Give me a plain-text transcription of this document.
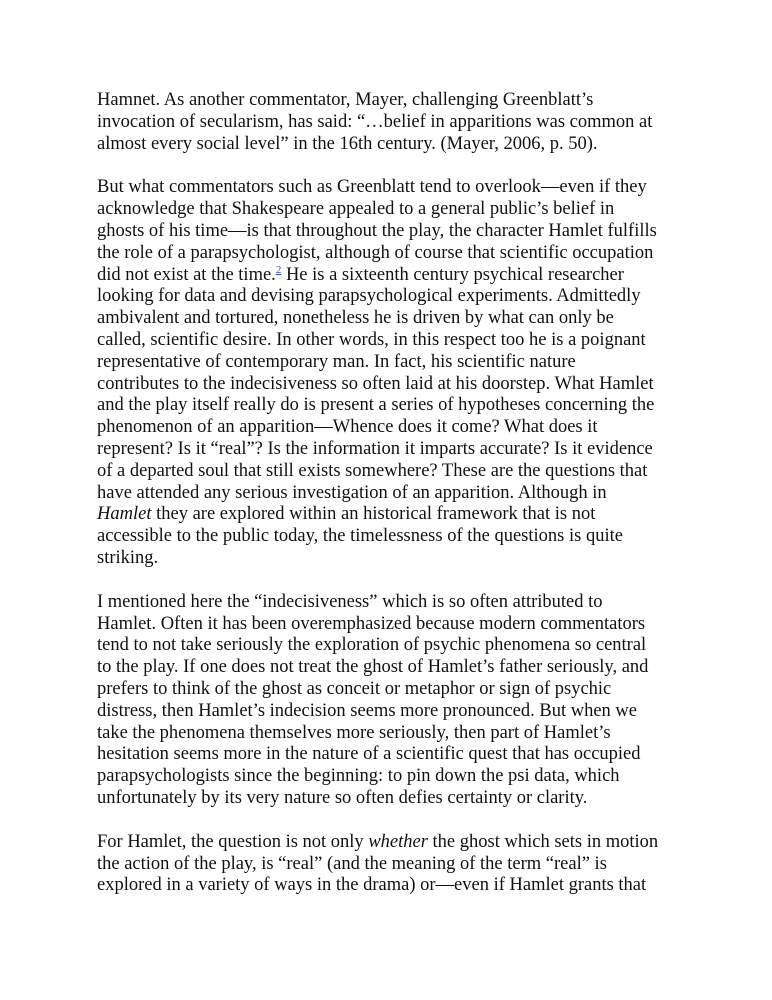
Hamnet. As another commentator, Mayer, challenging Greenblatt’s
invocation of secularism, has said: “…belief in apparitions was common at
almost every social level” in the 16th century. (Mayer, 2006, p. 50).

But what commentators such as Greenblatt tend to overlook—even if they
acknowledge that Shakespeare appealed to a general public’s belief in
ghosts of his time—is that throughout the play, the character Hamlet fulfills
the role of a parapsychologist, although of course that scientific occupation
did not exist at the time.$^2$ He is a sixteenth century psychical researcher
looking for data and devising parapsychological experiments. Admittedly
ambivalent and tortured, nonetheless he is driven by what can only be
called, scientific desire. In other words, in this respect too he is a poignant
representative of contemporary man. In fact, his scientific nature
contributes to the indecisiveness so often laid at his doorstep. What Hamlet
and the play itself really do is present a series of hypotheses concerning the
phenomenon of an apparition—Whence does it come? What does it
represent? Is it “real”? Is the information it imparts accurate? Is it evidence
of a departed soul that still exists somewhere? These are the questions that
have attended any serious investigation of an apparition. Although in
Hamlet they are explored within an historical framework that is not
accessible to the public today, the timelessness of the questions is quite
striking.

I mentioned here the “indecisiveness” which is so often attributed to
Hamlet. Often it has been overemphasized because modern commentators
tend to not take seriously the exploration of psychic phenomena so central
to the play. If one does not treat the ghost of Hamlet’s father seriously, and
prefers to think of the ghost as conceit or metaphor or sign of psychic
distress, then Hamlet’s indecision seems more pronounced. But when we
take the phenomena themselves more seriously, then part of Hamlet’s
hesitation seems more in the nature of a scientific quest that has occupied
parapsychologists since the beginning: to pin down the psi data, which
unfortunately by its very nature so often defies certainty or clarity.

For Hamlet, the question is not only whether the ghost which sets in motion
the action of the play, is “real” (and the meaning of the term “real” is
explored in a variety of ways in the drama) or—even if Hamlet grants that
